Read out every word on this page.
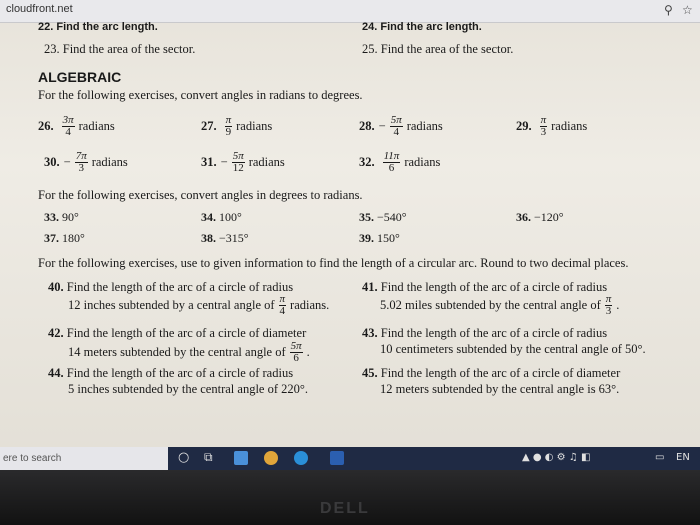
cloudfront.net	⚲ ☆
22. Find the arc length.	24. Find the arc length.
23. Find the area of the sector.	25. Find the area of the sector.
ALGEBRAIC
For the following exercises, convert angles in radians to degrees.
26. $\frac{3\pi}{4}$ radians	27. $\frac{\pi}{9}$ radians	28. − $\frac{5\pi}{4}$ radians	29. $\frac{\pi}{3}$ radians
30. − $\frac{7\pi}{3}$ radians	31. − $\frac{5\pi}{12}$ radians	32. $\frac{11\pi}{6}$ radians
For the following exercises, convert angles in degrees to radians.
33. 90°	34. 100°	35. −540°	36. −120°
37. 180°	38. −315°	39. 150°
For the following exercises, use to given information to find the length of a circular arc. Round to two decimal places.
40. Find the length of the arc of a circle of radius
12 inches subtended by a central angle of $\frac{\pi}{4}$ radians.
41. Find the length of the arc of a circle of radius
5.02 miles subtended by the central angle of $\frac{\pi}{3}$ .
42. Find the length of the arc of a circle of diameter
14 meters subtended by the central angle of $\frac{5\pi}{6}$ .
43. Find the length of the arc of a circle of radius
10 centimeters subtended by the central angle of 50°.
44. Find the length of the arc of a circle of radius
5 inches subtended by the central angle of 220°.
45. Find the length of the arc of a circle of diameter
12 meters subtended by the central angle is 63°.
ere to search	○ ⧉	▲ ● ◐ ⚙ ♫ ◧	▭ EN
DELL
